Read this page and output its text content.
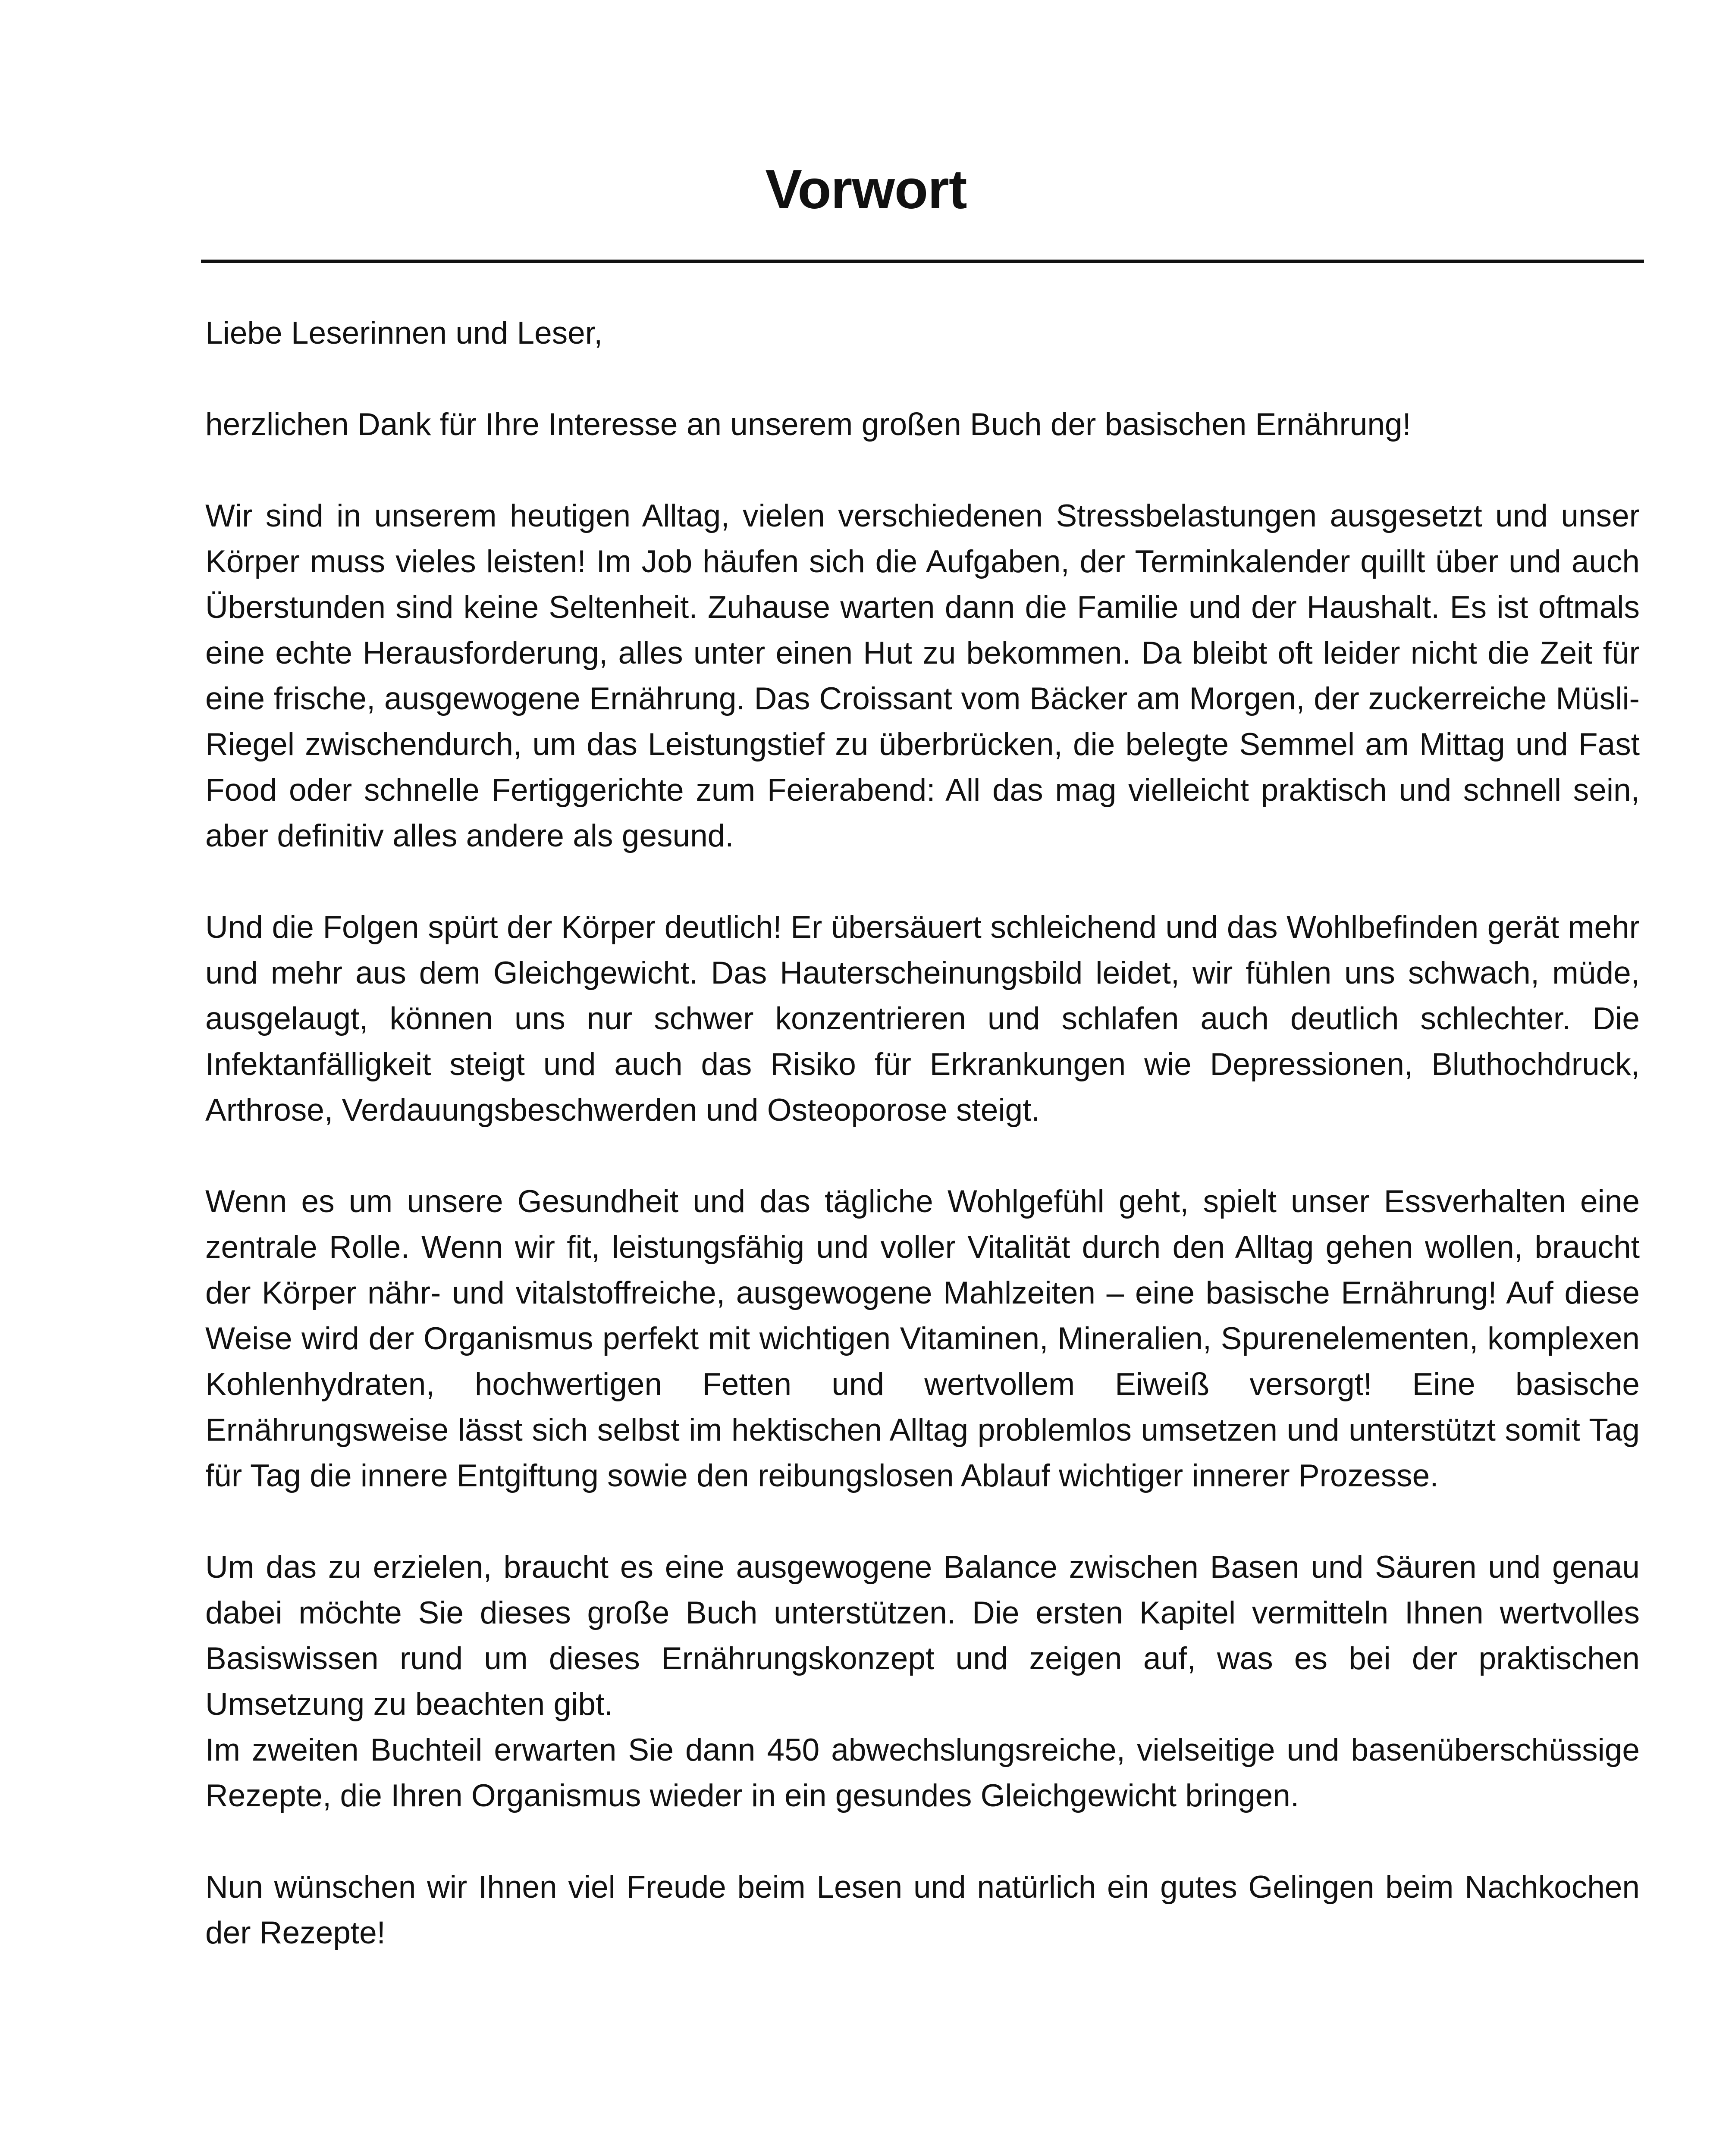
Vorwort

Liebe Leserinnen und Leser,

herzlichen Dank für Ihre Interesse an unserem großen Buch der basischen Ernährung!

Wir sind in unserem heutigen Alltag, vielen verschiedenen Stressbelastungen ausgesetzt und unser Körper muss vieles leisten! Im Job häufen sich die Aufgaben, der Terminkalender quillt über und auch Überstunden sind keine Seltenheit. Zuhause warten dann die Familie und der Haushalt. Es ist oftmals eine echte Herausforderung, alles unter einen Hut zu bekommen. Da bleibt oft leider nicht die Zeit für eine frische, ausgewogene Ernährung. Das Croissant vom Bäcker am Morgen, der zuckerreiche Müsli-Riegel zwischendurch, um das Leistungstief zu überbrücken, die belegte Semmel am Mittag und Fast Food oder schnelle Fertiggerichte zum Feierabend: All das mag vielleicht praktisch und schnell sein, aber definitiv alles andere als gesund.

Und die Folgen spürt der Körper deutlich! Er übersäuert schleichend und das Wohlbefinden gerät mehr und mehr aus dem Gleichgewicht. Das Hauterscheinungsbild leidet, wir fühlen uns schwach, müde, ausgelaugt, können uns nur schwer konzentrieren und schlafen auch deutlich schlechter. Die Infektanfälligkeit steigt und auch das Risiko für Erkrankungen wie Depressionen, Bluthochdruck, Arthrose, Verdauungsbeschwerden und Osteoporose steigt.

Wenn es um unsere Gesundheit und das tägliche Wohlgefühl geht, spielt unser Essverhalten eine zentrale Rolle. Wenn wir fit, leistungsfähig und voller Vitalität durch den Alltag gehen wollen, braucht der Körper nähr- und vitalstoffreiche, ausgewogene Mahlzeiten – eine basische Ernährung! Auf diese Weise wird der Organismus perfekt mit wichtigen Vitaminen, Mineralien, Spurenelementen, komplexen Kohlenhydraten, hochwertigen Fetten und wertvollem Eiweiß versorgt! Eine basische Ernährungsweise lässt sich selbst im hektischen Alltag problemlos umsetzen und unterstützt somit Tag für Tag die innere Entgiftung sowie den reibungslosen Ablauf wichtiger innerer Prozesse.

Um das zu erzielen, braucht es eine ausgewogene Balance zwischen Basen und Säuren und genau dabei möchte Sie dieses große Buch unterstützen. Die ersten Kapitel vermitteln Ihnen wertvolles Basiswissen rund um dieses Ernährungskonzept und zeigen auf, was es bei der praktischen Umsetzung zu beachten gibt.

Im zweiten Buchteil erwarten Sie dann 450 abwechslungsreiche, vielseitige und basenüberschüssige Rezepte, die Ihren Organismus wieder in ein gesundes Gleichgewicht bringen.

Nun wünschen wir Ihnen viel Freude beim Lesen und natürlich ein gutes Gelingen beim Nachkochen der Rezepte!
